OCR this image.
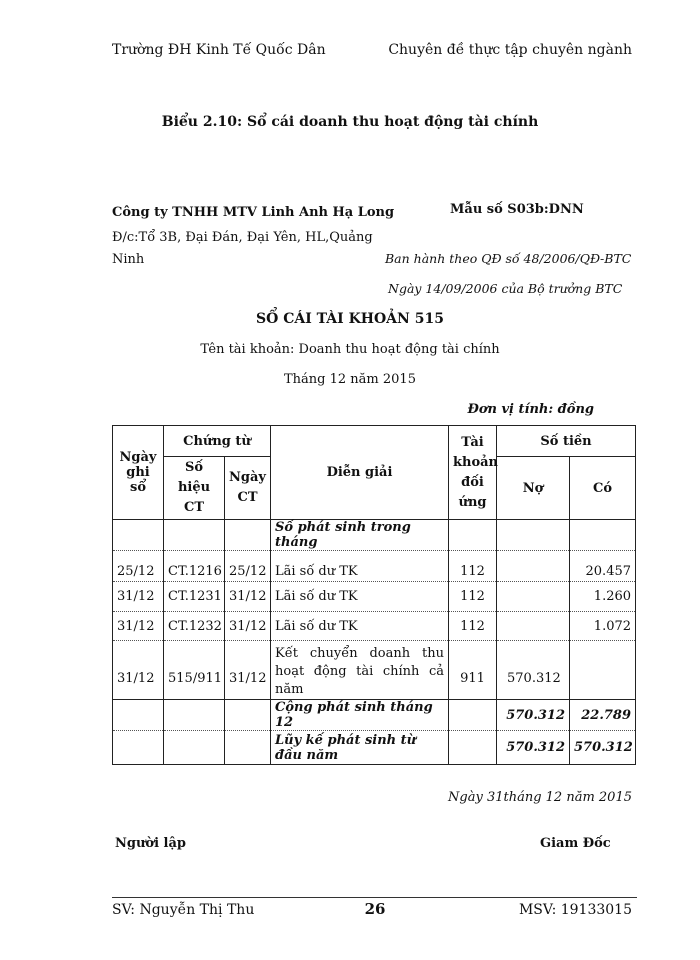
Trường ĐH Kinh Tế Quốc Dân	Chuyên đề thực tập chuyên ngành
Biểu 2.10: Sổ cái doanh thu hoạt động tài chính
Công ty TNHH MTV Linh Anh Hạ Long
Đ/c:Tổ 3B, Đại Đán, Đại Yên, HL,Quảng
Ninh
Mẫu số S03b:DNN
Ban hành theo QĐ số 48/2006/QĐ-BTC
Ngày 14/09/2006 của Bộ trưởng BTC
SỔ CÁI TÀI KHOẢN 515
Tên tài khoản: Doanh thu hoạt động tài chính
Tháng 12 năm 2015
Đơn vị tính: đồng
Ngày ghi sổ	Chứng từ		Diễn giải	Tài khoản đối ứng	Số tiền	
	Số hiệu CT	Ngày CT			Nợ	Có
			Số phát sinh trong tháng			
25/12	CT.1216	25/12	Lãi số dư TK	112		20.457
31/12	CT.1231	31/12	Lãi số dư TK	112		1.260
31/12	CT.1232	31/12	Lãi số dư TK	112		1.072
31/12	515/911	31/12	Kết chuyển doanh thu hoạt động tài chính cả năm	911	570.312	
			Cộng phát sinh tháng 12		570.312	22.789
			Lũy kế phát sinh từ đầu năm		570.312	570.312
Ngày 31tháng 12 năm 2015
Người lập	Giam Đốc
SV: Nguyễn Thị Thu	26	MSV: 19133015
